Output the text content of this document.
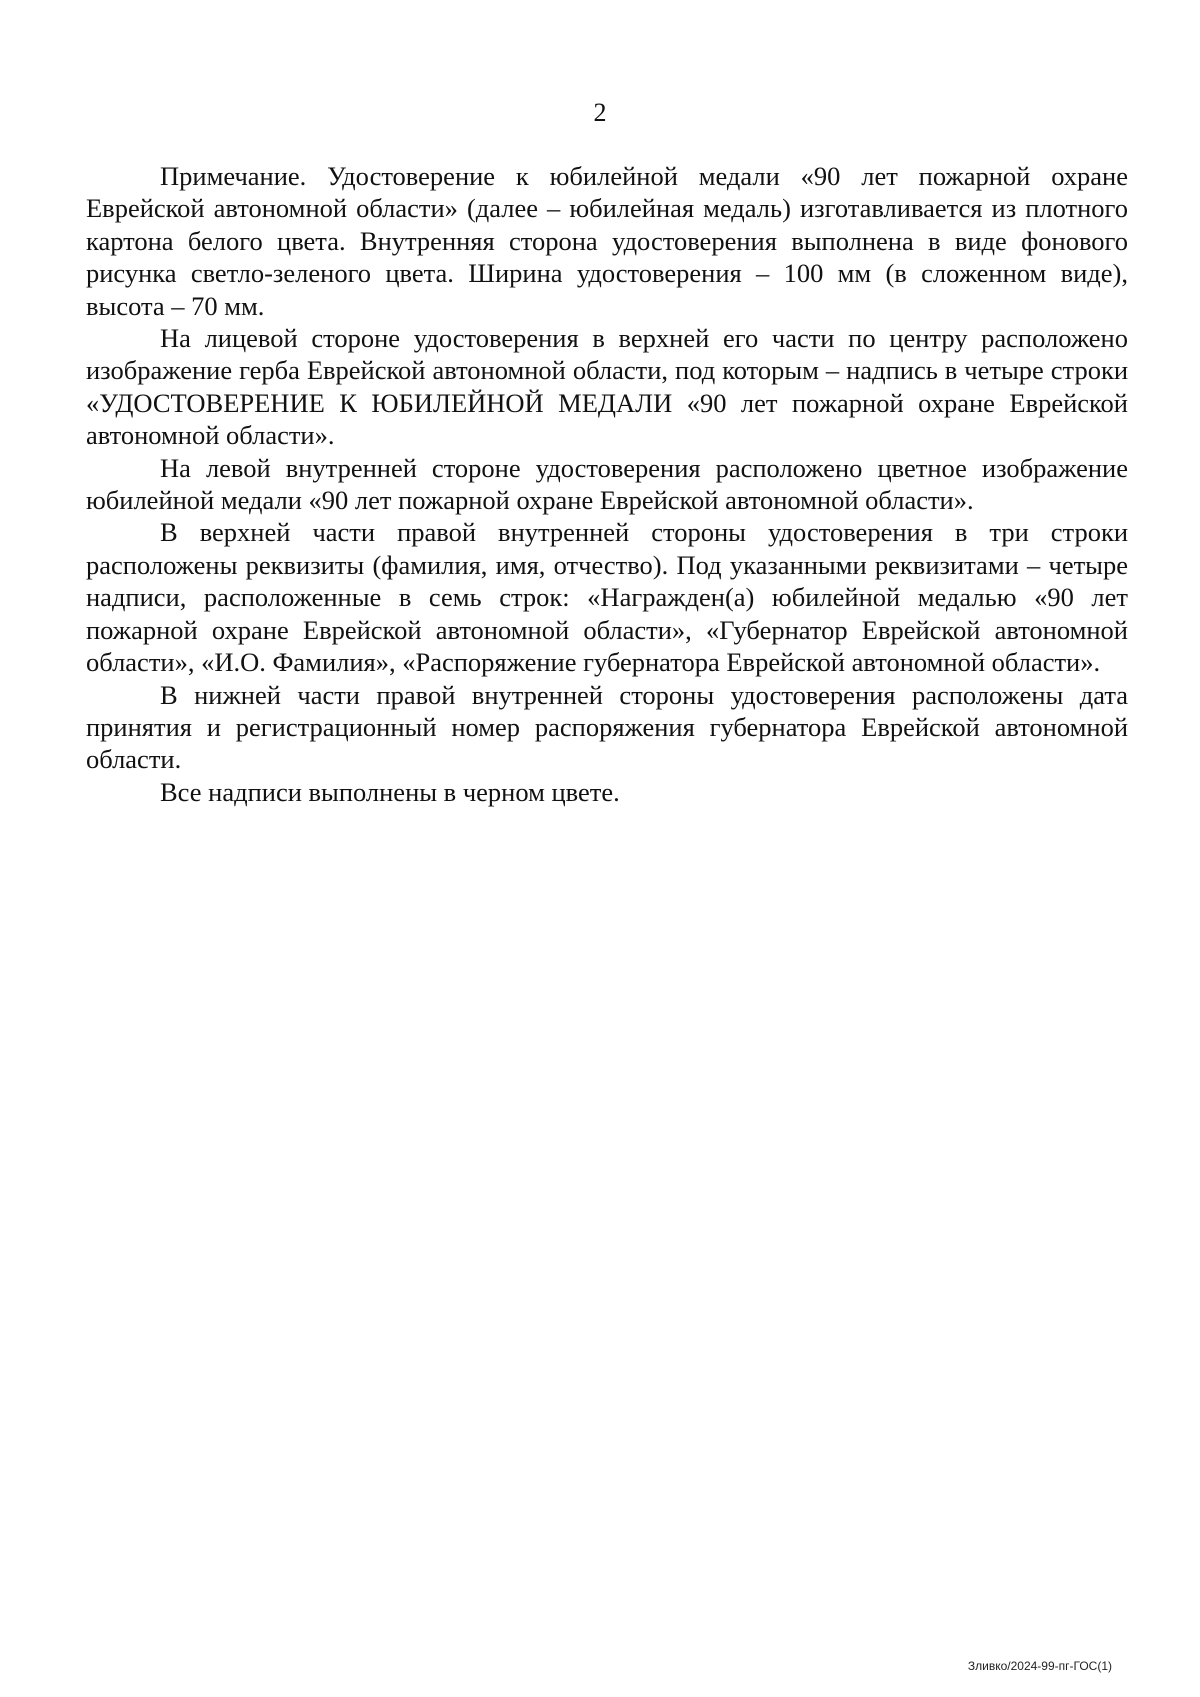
2

Примечание. Удостоверение к юбилейной медали «90 лет пожарной охране Еврейской автономной области» (далее – юбилейная медаль) изготавливается из плотного картона белого цвета. Внутренняя сторона удостоверения выполнена в виде фонового рисунка светло-зеленого цвета. Ширина удостоверения – 100 мм (в сложенном виде), высота – 70 мм.

На лицевой стороне удостоверения в верхней его части по центру расположено изображение герба Еврейской автономной области, под которым – надпись в четыре строки «УДОСТОВЕРЕНИЕ К ЮБИЛЕЙНОЙ МЕДАЛИ «90 лет пожарной охране Еврейской автономной области».

На левой внутренней стороне удостоверения расположено цветное изображение юбилейной медали «90 лет пожарной охране Еврейской автономной области».

В верхней части правой внутренней стороны удостоверения в три строки расположены реквизиты (фамилия, имя, отчество). Под указанными реквизитами – четыре надписи, расположенные в семь строк: «Награжден(а) юбилейной медалью «90 лет пожарной охране Еврейской автономной области», «Губернатор Еврейской автономной области», «И.О. Фамилия», «Распоряжение губернатора Еврейской автономной области».

В нижней части правой внутренней стороны удостоверения расположены дата принятия и регистрационный номер распоряжения губернатора Еврейской автономной области.

Все надписи выполнены в черном цвете.

Зливко/2024-99-пг-ГОС(1)
